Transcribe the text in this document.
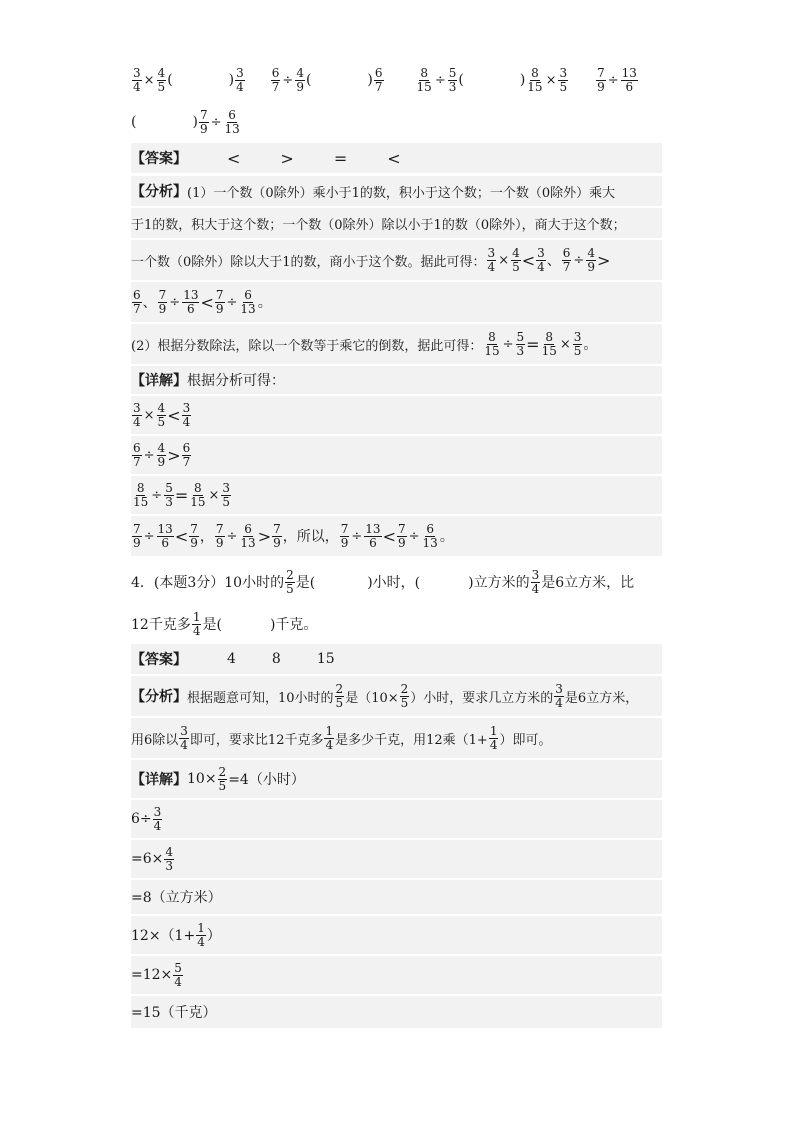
$\frac{3}{4} \times \frac{4}{5}$ (	) $\frac{3}{4} \frac{6}{7} \div \frac{4}{9}$ (	) $\frac{6}{7}$	$\frac{8}{15} \div \frac{5}{3}$ (	) $\frac{8}{15} \times \frac{3}{5} \frac{7}{9} \div \frac{13}{6}$
(	) $\frac{7}{9} \div \frac{6}{13}$
【答案】	<	>	=	<
【分析】 (1）一个数（0除外）乘小于1的数，积小于这个数；一个数（0除外）乘大
于1的数，积大于这个数；一个数（0除外）除以小于1的数（0除外），商大于这个数；
一个数（0除外）除以大于1的数，商小于这个数。据此可得： $\frac{3}{4} \times \frac{4}{5} < \frac{3}{4}$ 、 $\frac{6}{7} \div \frac{4}{9}$ >
$\frac{6}{7}$ 、 $\frac{7}{9} \div \frac{13}{6} < \frac{7}{9} \div \frac{6}{13}$ 。
(2）根据分数除法，除以一个数等于乘它的倒数，据此可得： $\frac{8}{15} \div \frac{5}{3} = \frac{8}{15} \times \frac{3}{5}$ 。
【详解】 根据分析可得：
$\frac{3}{4} \times \frac{4}{5} < \frac{3}{4}$
$\frac{6}{7} \div \frac{4}{9} > \frac{6}{7}$
$\frac{8}{15} \div \frac{5}{3} = \frac{8}{15} \times \frac{3}{5}$
$\frac{7}{9} \div \frac{13}{6} < \frac{7}{9}$ ， $\frac{7}{9} \div \frac{6}{13} > \frac{7}{9}$ ，所以， $\frac{7}{9} \div \frac{13}{6} < \frac{7}{9} \div \frac{6}{13}$ 。
4．(本题3分）10小时的 $\frac{2}{5}$ 是(	)小时，(	)立方米的 $\frac{3}{4}$ 是6立方米，比
12千克多 $\frac{1}{4}$ 是(	)千克。
【答案】	4	8	15
【分析】 根据题意可知，10小时的 $\frac{2}{5}$ 是（$10\times \frac{2}{5}$ ）小时，要求几立方米的 $\frac{3}{4}$ 是6立方米，
用6除以 $\frac{3}{4}$ 即可，要求比12千克多 $\frac{1}{4}$ 是多少千克，用12乘（$1+ \frac{1}{4}$ ）即可。
【详解】 $10\times \frac{2}{5} =4$（小时）
$6\div \frac{3}{4}$
$=6\times \frac{4}{3}$
=8（立方米）
$12\times(1+ \frac{1}{4}$ ）
$=12\times \frac{5}{4}$
=15（千克）
